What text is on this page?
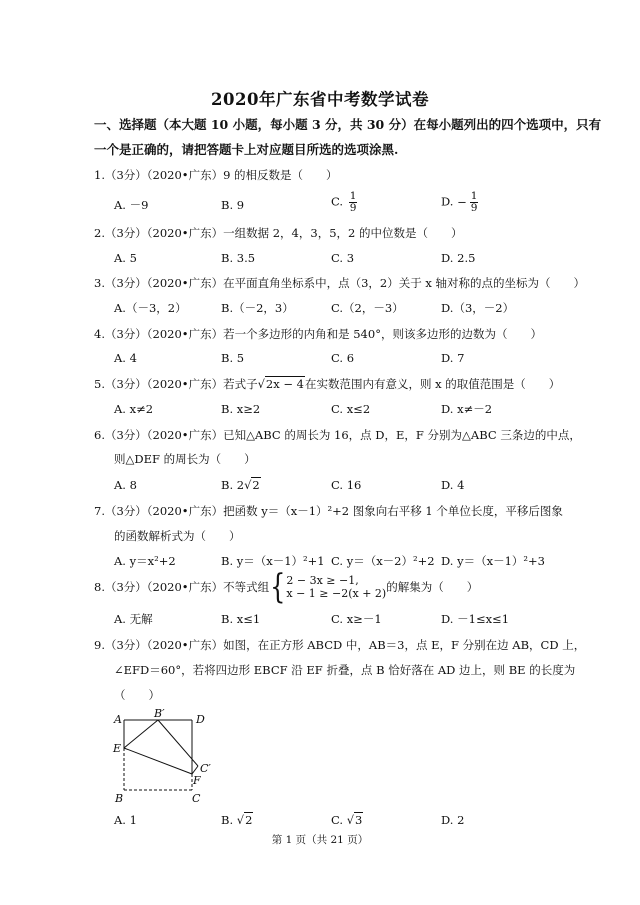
2020年广东省中考数学试卷
一、选择题（本大题 10 小题，每小题 3 分，共 30 分）在每小题列出的四个选项中，只有
一个是正确的，请把答题卡上对应题目所选的选项涂黑.
1.（3分）（2020•广东）9 的相反数是（　　）
A. －9	B. 9	C. $\frac{1}{9}$	D. − $\frac{1}{9}$
2.（3分）（2020•广东）一组数据 2，4，3，5，2 的中位数是（　　）
A. 5	B. 3.5	C. 3	D. 2.5
3.（3分）（2020•广东）在平面直角坐标系中，点（3，2）关于 x 轴对称的点的坐标为（　　）
A.（－3，2）	B.（－2，3）	C.（2，－3）	D.（3，－2）
4.（3分）（2020•广东）若一个多边形的内角和是 540°，则该多边形的边数为（　　）
A. 4	B. 5	C. 6	D. 7
5.（3分）（2020•广东）若式子√2x − 4在实数范围内有意义，则 x 的取值范围是（　　）
A. x≠2	B. x≥2	C. x≤2	D. x≠－2
6.（3分）（2020•广东）已知△ABC 的周长为 16，点 D，E，F 分别为△ABC 三条边的中点，
则△DEF 的周长为（　　）
A. 8	B. 2√2	C. 16	D. 4
7.（3分）（2020•广东）把函数 y＝（x－1）²+2 图象向右平移 1 个单位长度，平移后图象
的函数解析式为（　　）
A. y＝x²+2	B. y＝（x－1）²+1 C. y＝（x－2）²+2 D. y＝（x－1）²+3
8.（3分）（2020•广东）不等式组{ 2 − 3x ≥ −1,
x − 1 ≥ −2(x + 2) 的解集为（　　）
A. 无解	B. x≤1	C. x≥－1	D. －1≤x≤1
9.（3分）（2020•广东）如图，在正方形 ABCD 中，AB＝3，点 E，F 分别在边 AB，CD 上，
∠EFD＝60°，若将四边形 EBCF 沿 EF 折叠，点 B 恰好落在 AD 边上，则 BE 的长度为
（　　）
A	B′	D
E
C′
F
B	C
A. 1	B. √2	C. √3	D. 2
第 1 页（共 21 页）
